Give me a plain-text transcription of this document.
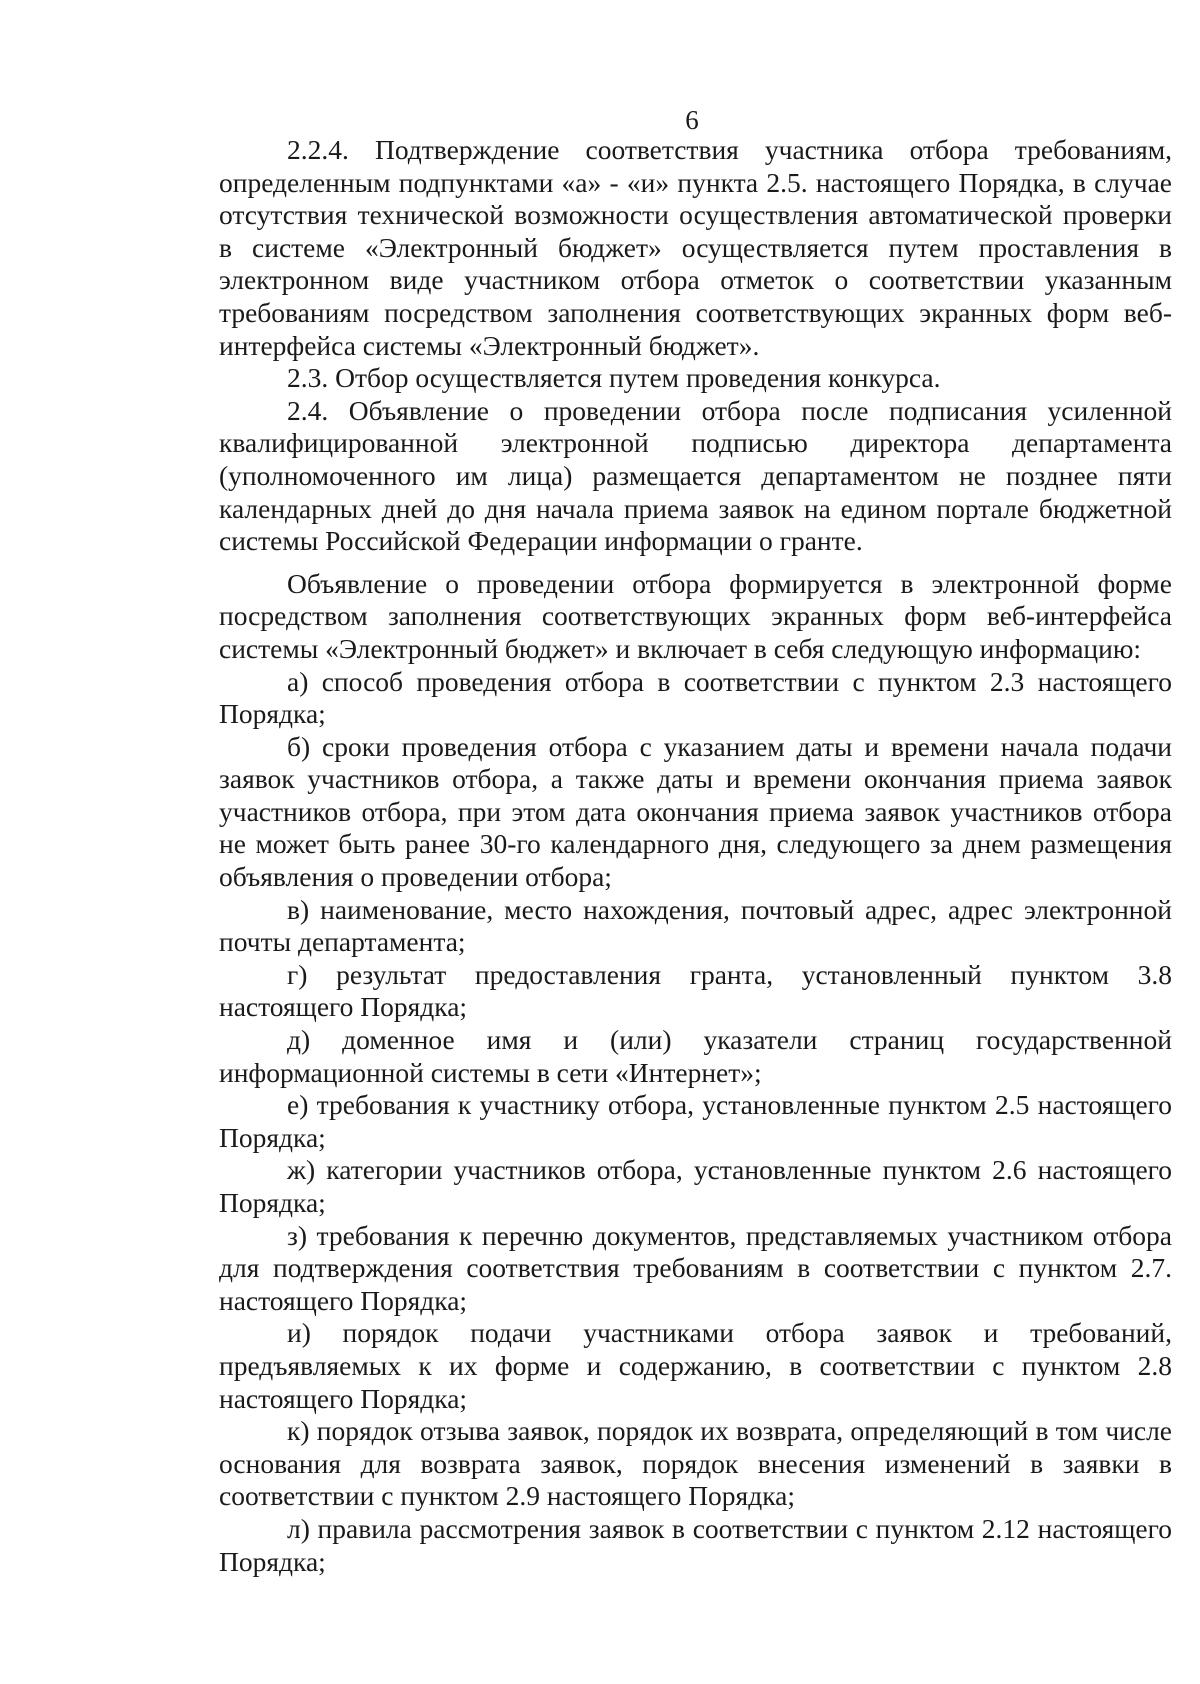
6

2.2.4. Подтверждение соответствия участника отбора требованиям, определенным подпунктами «а» - «и» пункта 2.5. настоящего Порядка, в случае отсутствия технической возможности осуществления автоматической проверки в системе «Электронный бюджет» осуществляется путем проставления в электронном виде участником отбора отметок о соответствии указанным требованиям посредством заполнения соответствующих экранных форм веб-интерфейса системы «Электронный бюджет».

2.3. Отбор осуществляется путем проведения конкурса.

2.4. Объявление о проведении отбора после подписания усиленной квалифицированной электронной подписью директора департамента (уполномоченного им лица) размещается департаментом не позднее пяти календарных дней до дня начала приема заявок на едином портале бюджетной системы Российской Федерации информации о гранте.

Объявление о проведении отбора формируется в электронной форме посредством заполнения соответствующих экранных форм веб-интерфейса системы «Электронный бюджет» и включает в себя следующую информацию:

а) способ проведения отбора в соответствии с пунктом 2.3 настоящего Порядка;

б) сроки проведения отбора с указанием даты и времени начала подачи заявок участников отбора, а также даты и времени окончания приема заявок участников отбора, при этом дата окончания приема заявок участников отбора не может быть ранее 30-го календарного дня, следующего за днем размещения объявления о проведении отбора;

в) наименование, место нахождения, почтовый адрес, адрес электронной почты департамента;

г) результат предоставления гранта, установленный пунктом 3.8 настоящего Порядка;

д) доменное имя и (или) указатели страниц государственной информационной системы в сети «Интернет»;

е) требования к участнику отбора, установленные пунктом 2.5 настоящего Порядка;

ж) категории участников отбора, установленные пунктом 2.6 настоящего Порядка;

з) требования к перечню документов, представляемых участником отбора для подтверждения соответствия требованиям в соответствии с пунктом 2.7. настоящего Порядка;

и) порядок подачи участниками отбора заявок и требований, предъявляемых к их форме и содержанию, в соответствии с пунктом 2.8 настоящего Порядка;

к) порядок отзыва заявок, порядок их возврата, определяющий в том числе основания для возврата заявок, порядок внесения изменений в заявки в соответствии с пунктом 2.9 настоящего Порядка;

л) правила рассмотрения заявок в соответствии с пунктом 2.12 настоящего Порядка;
